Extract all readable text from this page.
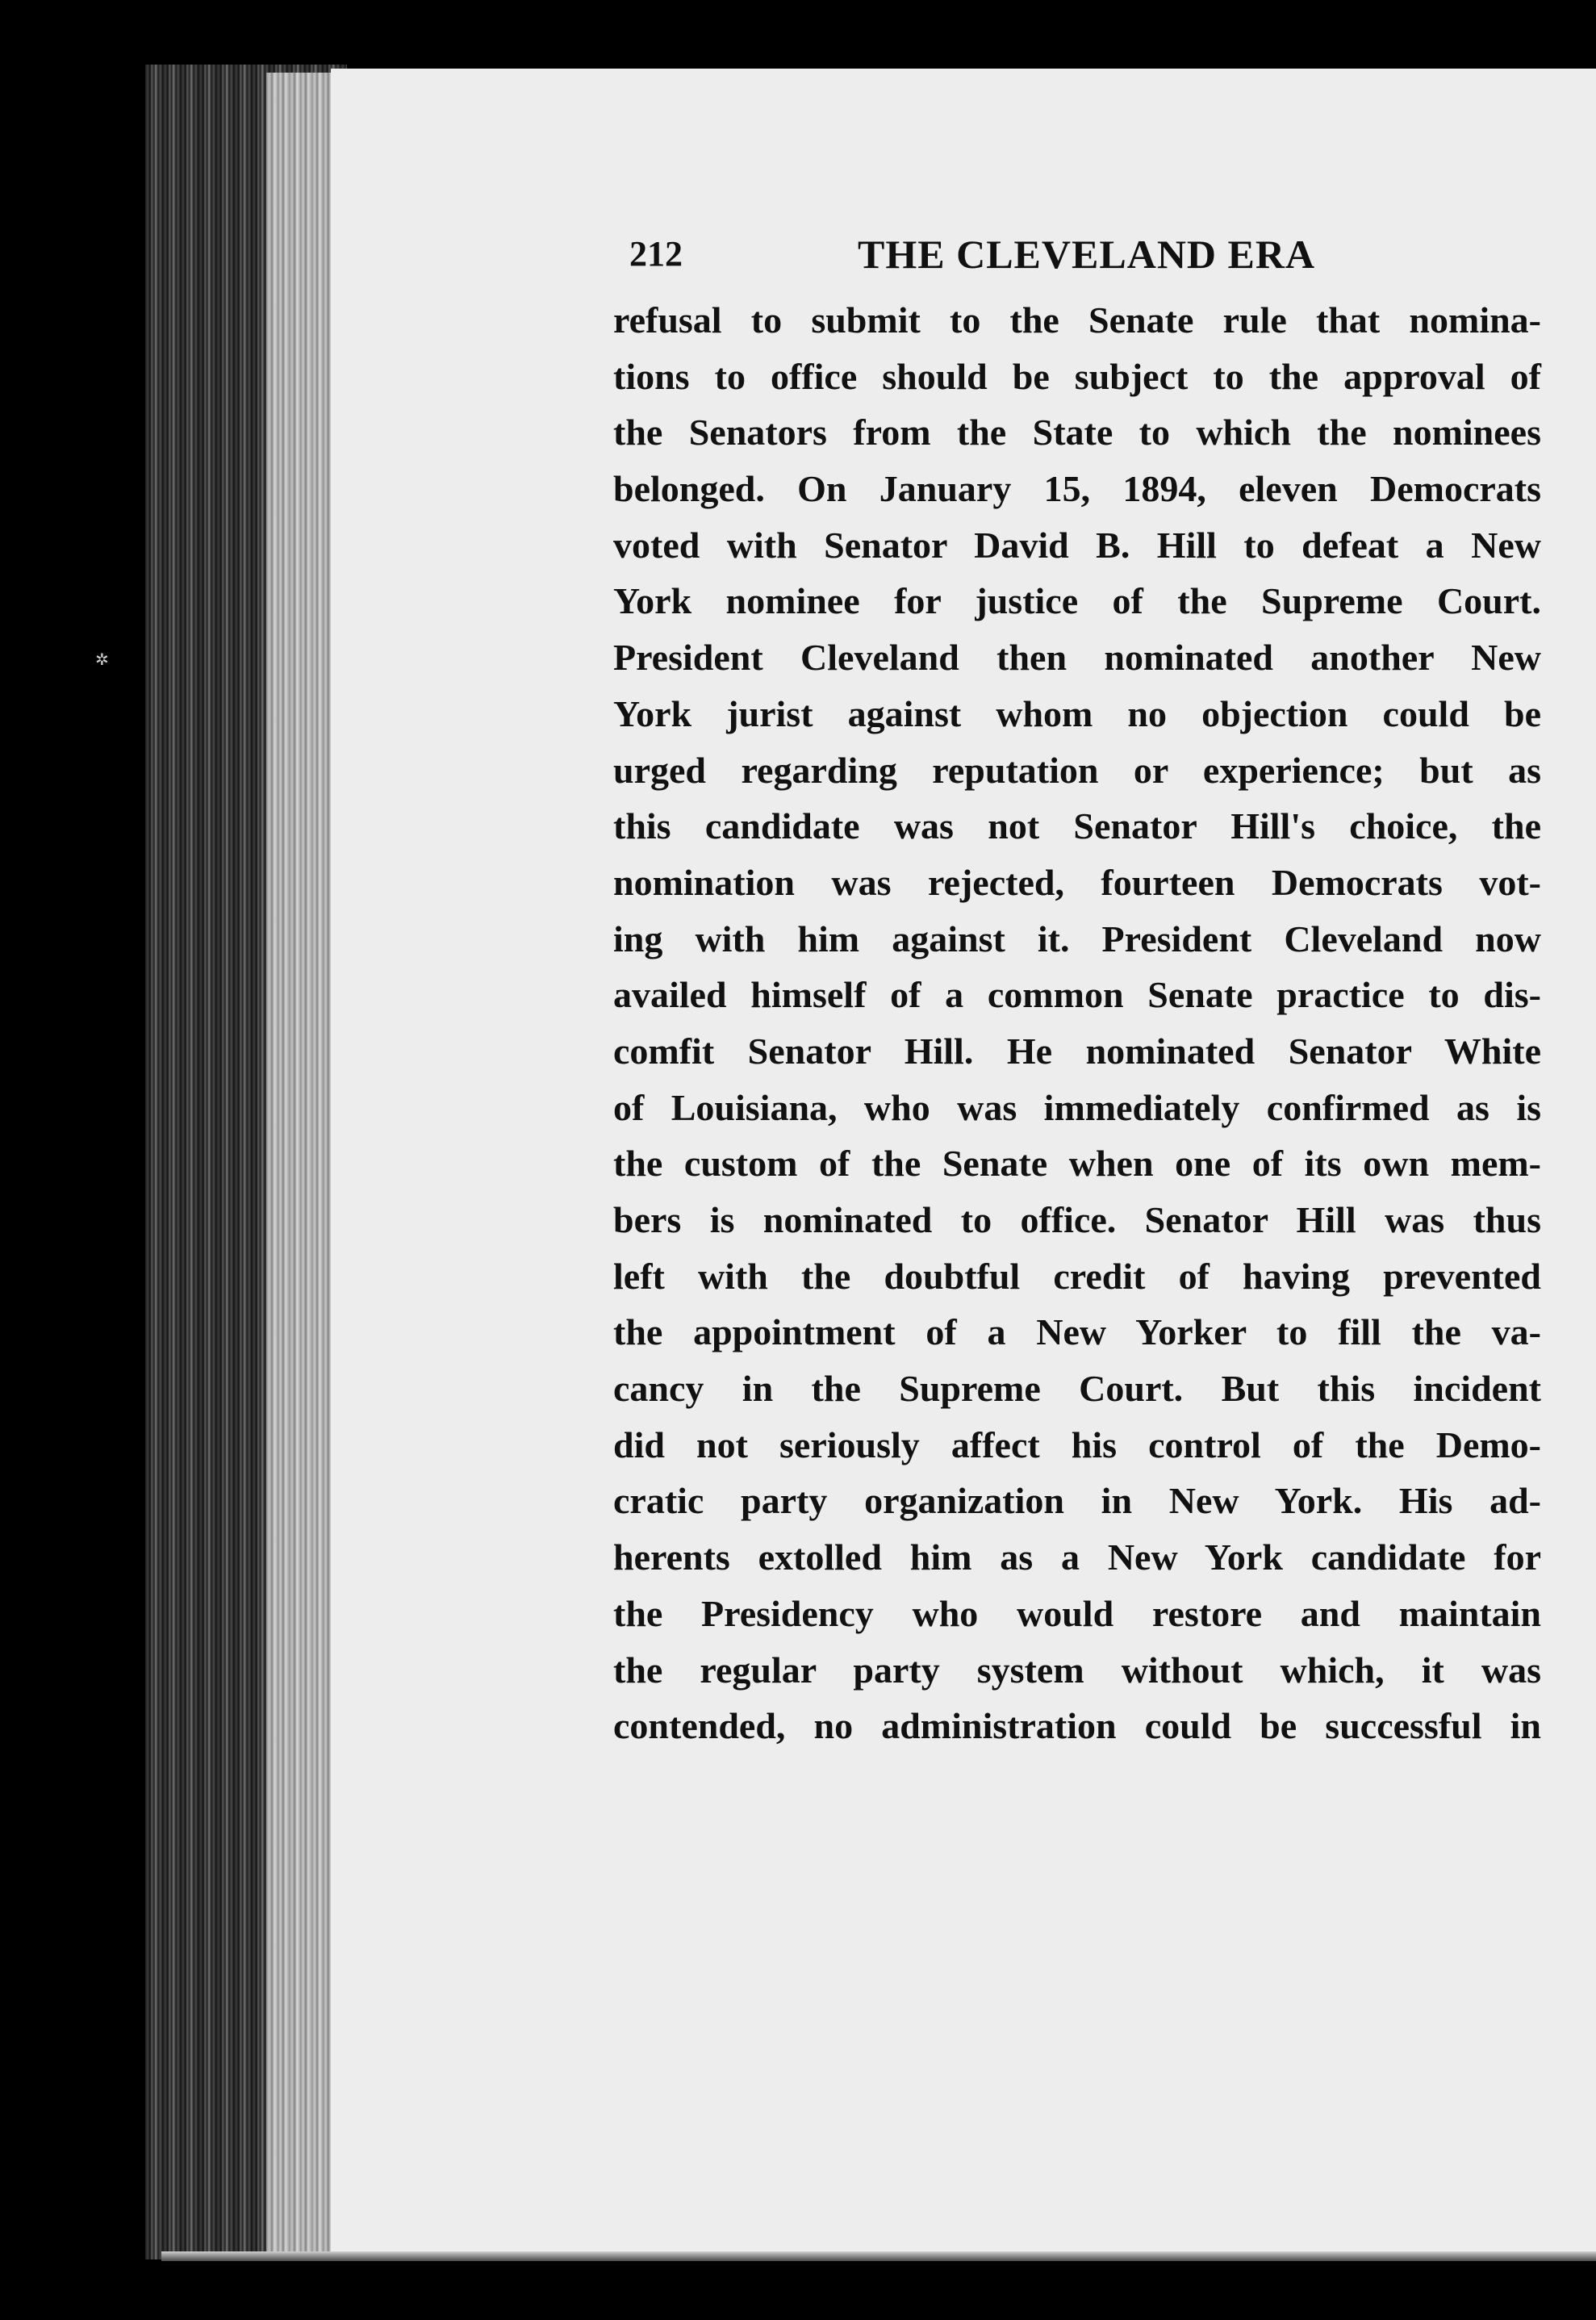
✲
212	THE CLEVELAND ERA
refusal to submit to the Senate rule that nomina-
tions to office should be subject to the approval of
the Senators from the State to which the nominees
belonged. On January 15, 1894, eleven Democrats
voted with Senator David B. Hill to defeat a New
York nominee for justice of the Supreme Court.
President Cleveland then nominated another New
York jurist against whom no objection could be
urged regarding reputation or experience; but as
this candidate was not Senator Hill's choice, the
nomination was rejected, fourteen Democrats vot-
ing with him against it. President Cleveland now
availed himself of a common Senate practice to dis-
comfit Senator Hill. He nominated Senator White
of Louisiana, who was immediately confirmed as is
the custom of the Senate when one of its own mem-
bers is nominated to office. Senator Hill was thus
left with the doubtful credit of having prevented
the appointment of a New Yorker to fill the va-
cancy in the Supreme Court. But this incident
did not seriously affect his control of the Demo-
cratic party organization in New York. His ad-
herents extolled him as a New York candidate for
the Presidency who would restore and maintain
the regular party system without which, it was
contended, no administration could be successful in
